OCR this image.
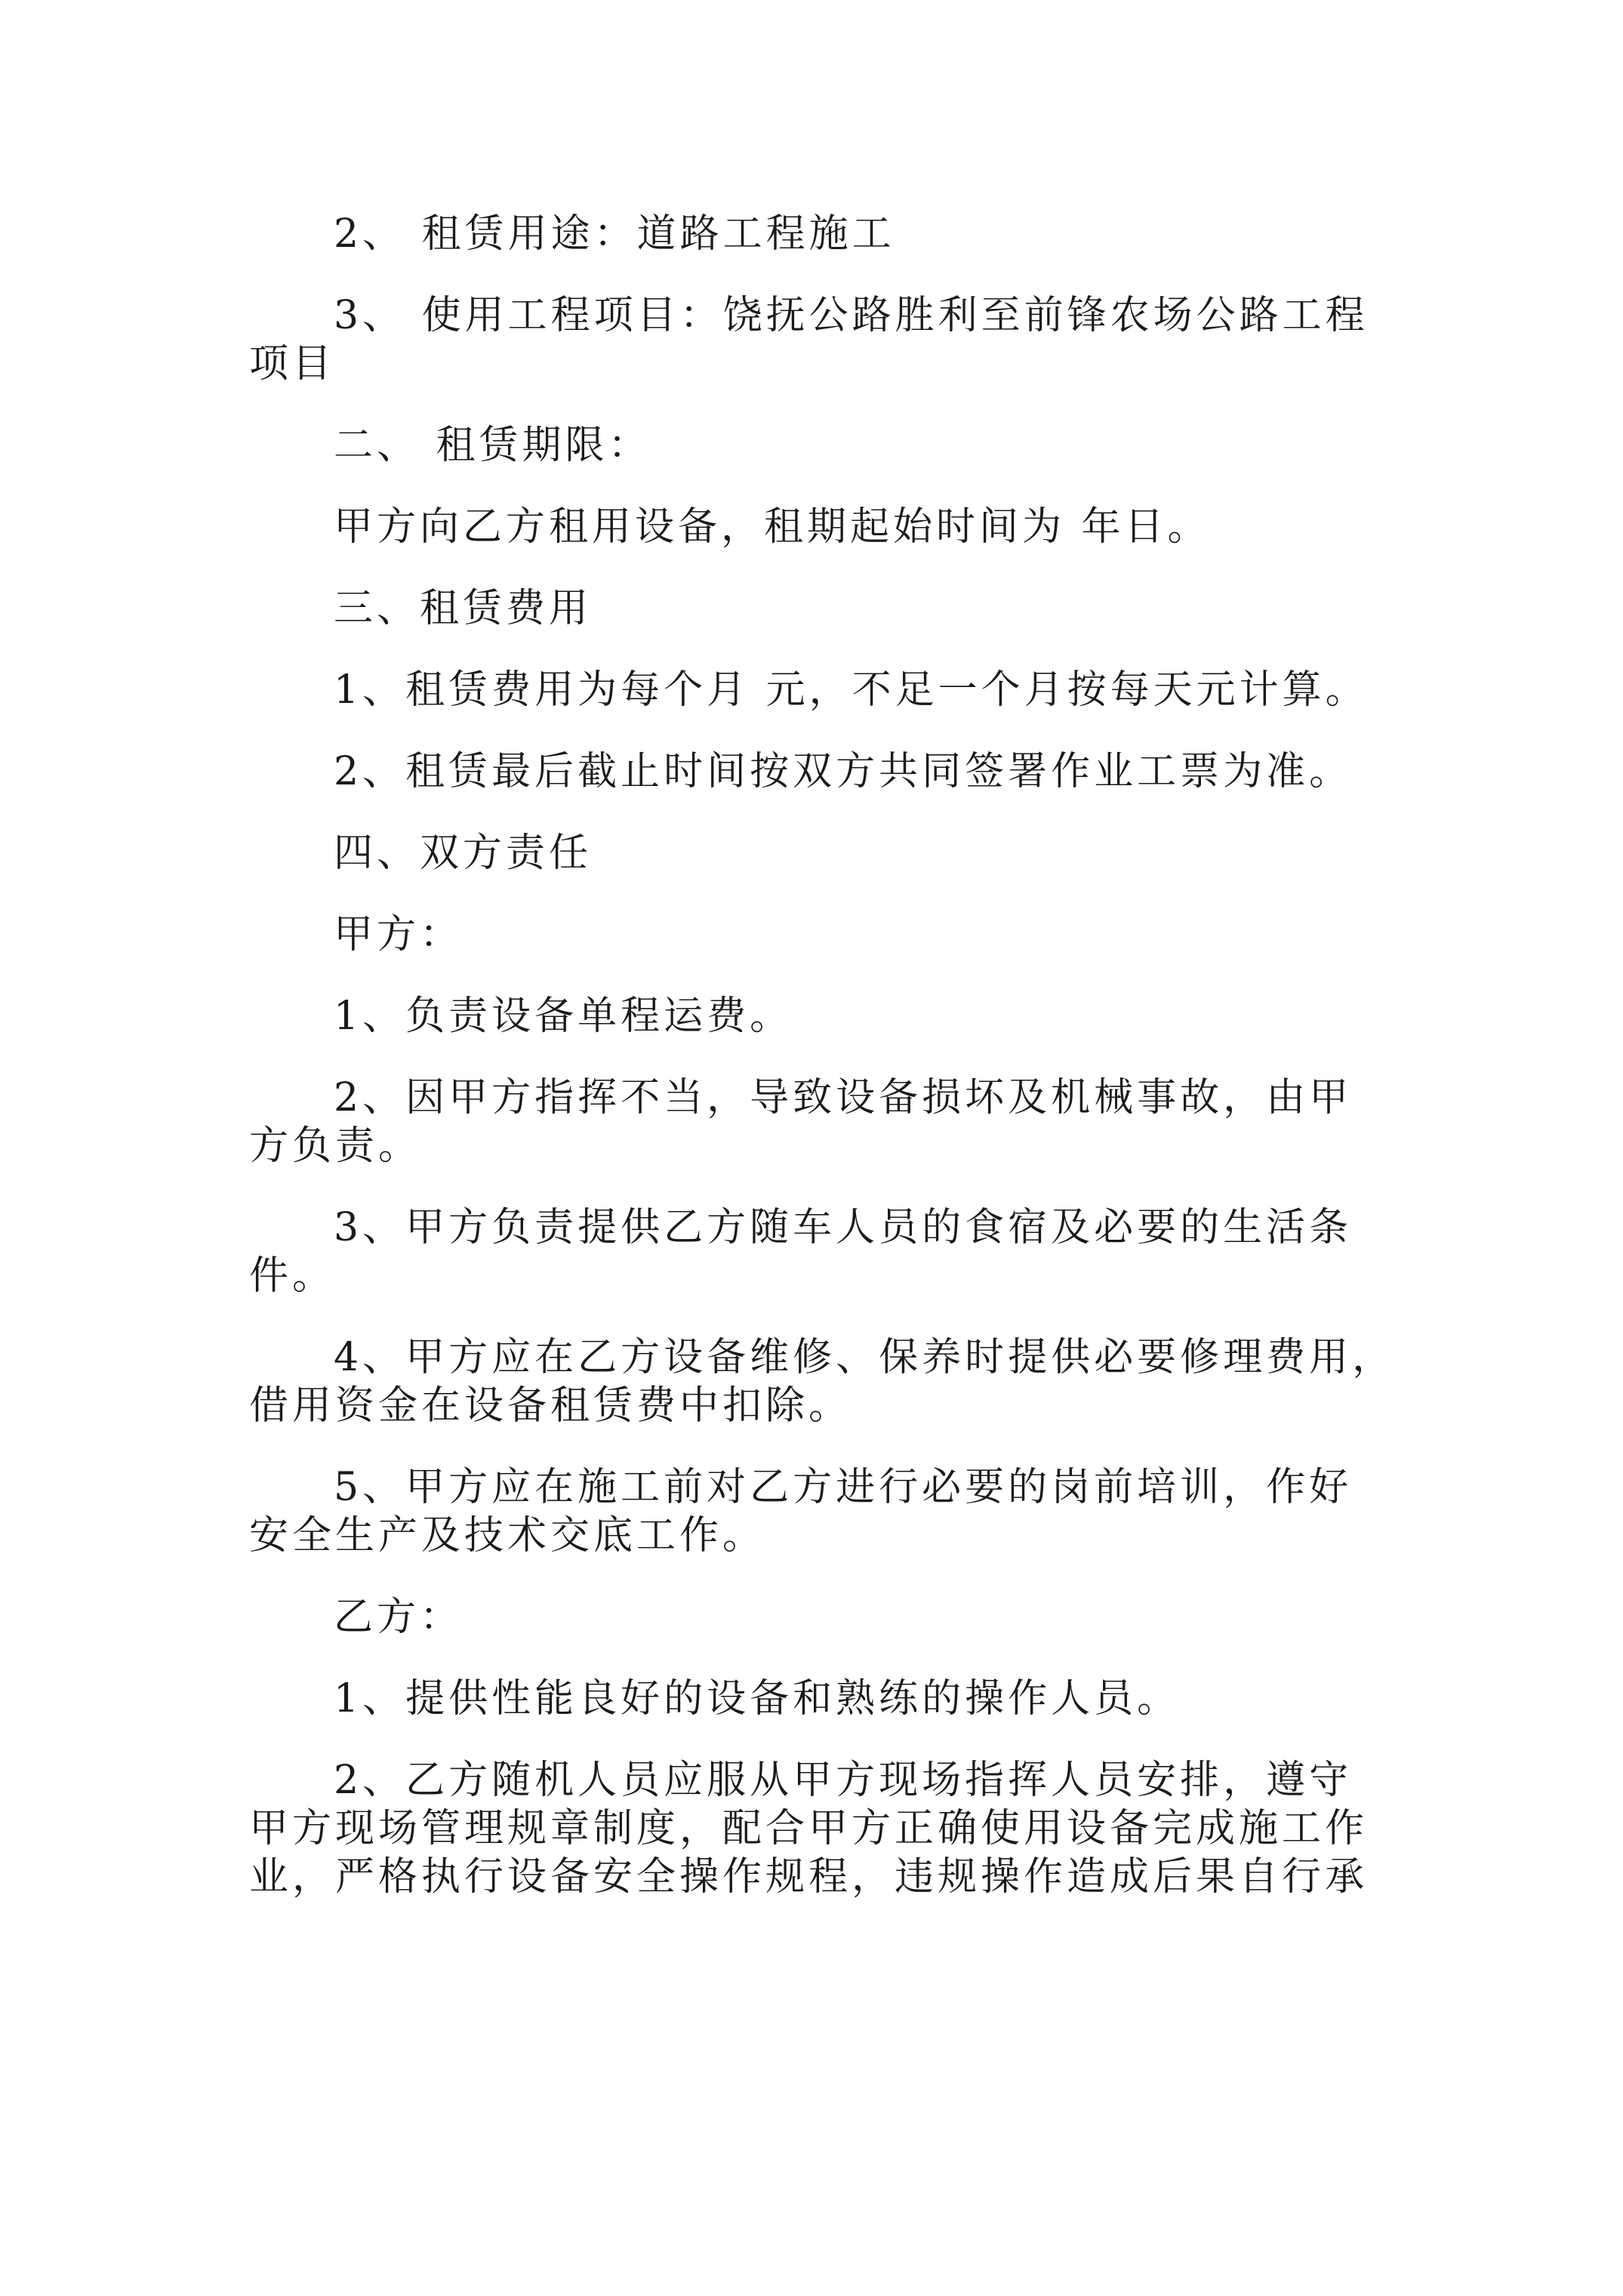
2、 租赁用途：道路工程施工
3、 使用工程项目：饶抚公路胜利至前锋农场公路工程
项目
二、 租赁期限：
甲方向乙方租用设备，租期起始时间为 年日。
三、租赁费用
1、租赁费用为每个月 元，不足一个月按每天元计算。
2、租赁最后截止时间按双方共同签署作业工票为准。
四、双方责任
甲方：
1、负责设备单程运费。
2、因甲方指挥不当，导致设备损坏及机械事故，由甲
方负责。
3、甲方负责提供乙方随车人员的食宿及必要的生活条
件。
4、甲方应在乙方设备维修、保养时提供必要修理费用，
借用资金在设备租赁费中扣除。
5、甲方应在施工前对乙方进行必要的岗前培训，作好
安全生产及技术交底工作。
乙方：
1、提供性能良好的设备和熟练的操作人员。
2、乙方随机人员应服从甲方现场指挥人员安排，遵守
甲方现场管理规章制度，配合甲方正确使用设备完成施工作
业，严格执行设备安全操作规程，违规操作造成后果自行承
